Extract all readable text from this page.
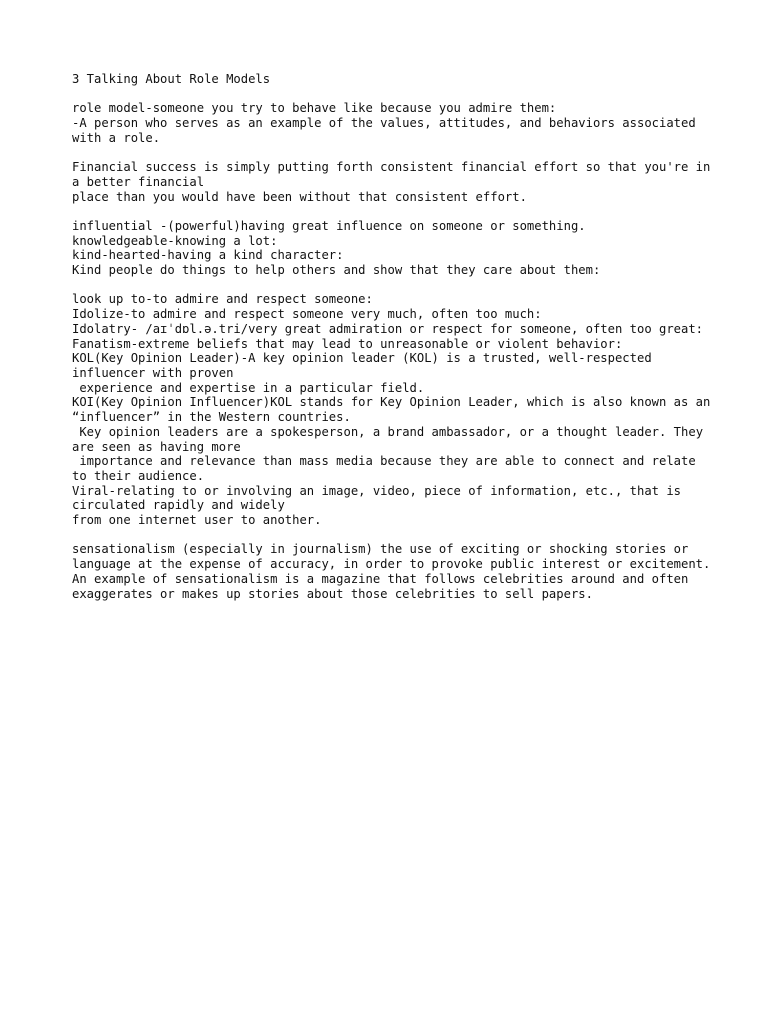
3 Talking About Role Models
role model-someone you try to behave like because you admire them:
-A person who serves as an example of the values, attitudes, and behaviors associated with a role.
Financial success is simply putting forth consistent financial effort so that you're in a better financial
place than you would have been without that consistent effort.
influential -(powerful)having great influence on someone or something.
knowledgeable-knowing a lot:
kind-hearted-having a kind character:
Kind people do things to help others and show that they care about them:
look up to-to admire and respect someone:
Idolize-to admire and respect someone very much, often too much:
Idolatry- /aɪˈdɒl.ə.tri/very great admiration or respect for someone, often too great:
Fanatism-extreme beliefs that may lead to unreasonable or violent behavior:
KOL(Key Opinion Leader)-A key opinion leader (KOL) is a trusted, well-respected influencer with proven
experience and expertise in a particular field.
KOI(Key Opinion Influencer)KOL stands for Key Opinion Leader, which is also known as an “influencer” in the Western countries.
Key opinion leaders are a spokesperson, a brand ambassador, or a thought leader. They are seen as having more
importance and relevance than mass media because they are able to connect and relate to their audience.
Viral-relating to or involving an image, video, piece of information, etc., that is circulated rapidly and widely
from one internet user to another.
sensationalism (especially in journalism) the use of exciting or shocking stories or language at the expense of accuracy, in order to provoke public interest or excitement.
An example of sensationalism is a magazine that follows celebrities around and often exaggerates or makes up stories about those celebrities to sell papers.
